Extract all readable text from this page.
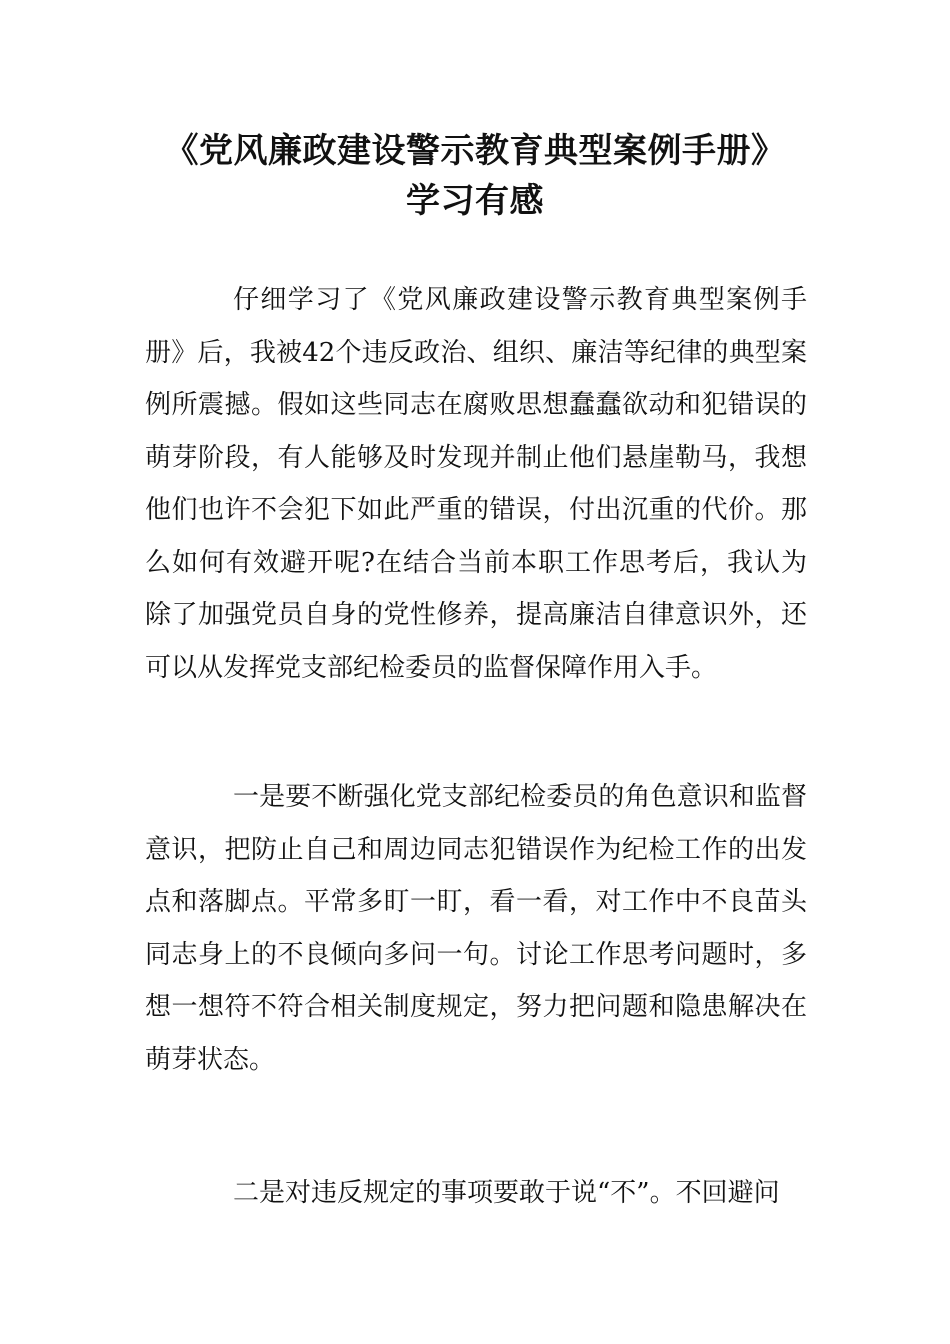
《党风廉政建设警示教育典型案例手册》
学习有感

仔细学习了《党风廉政建设警示教育典型案例手册》后，我被42个违反政治、组织、廉洁等纪律的典型案例所震撼。假如这些同志在腐败思想蠢蠢欲动和犯错误的萌芽阶段，有人能够及时发现并制止他们悬崖勒马，我想他们也许不会犯下如此严重的错误，付出沉重的代价。那么如何有效避开呢?在结合当前本职工作思考后，我认为除了加强党员自身的党性修养，提高廉洁自律意识外，还可以从发挥党支部纪检委员的监督保障作用入手。

一是要不断强化党支部纪检委员的角色意识和监督意识，把防止自己和周边同志犯错误作为纪检工作的出发点和落脚点。平常多盯一盯，看一看，对工作中不良苗头同志身上的不良倾向多问一句。讨论工作思考问题时，多想一想符不符合相关制度规定，努力把问题和隐患解决在萌芽状态。

二是对违反规定的事项要敢于说“不”。不回避问
